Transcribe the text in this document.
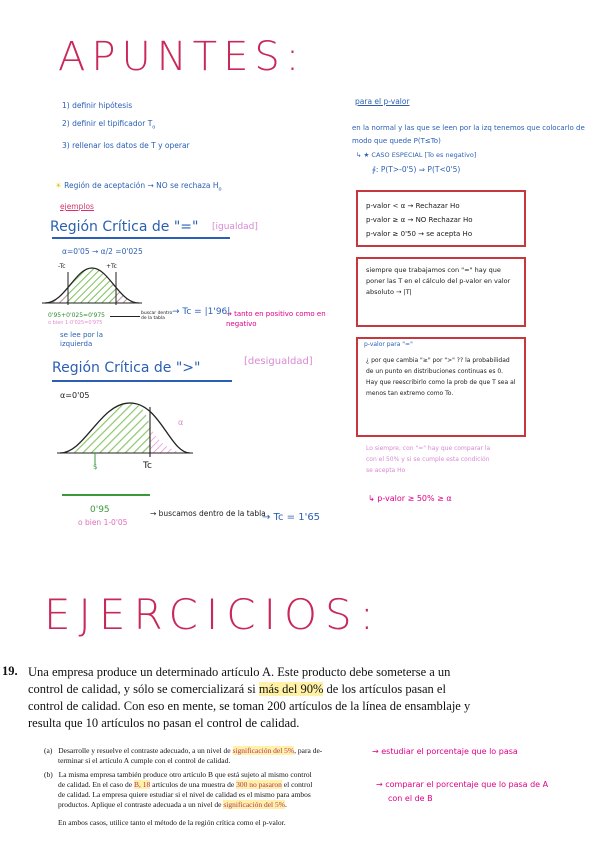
APUNTES:
1) definir hipótesis
2) definir el tipificador $T_o$
3) rellenar los datos de T y operar
☀ Región de aceptación → NO se rechaza $H_o$
ejemplos
Región Crítica de "=" [igualdad]
α=0'05 → α/2 =0'025
-Tc	+Tc
0'95+0'025=0'975
o bien 1-0'025=0'975
buscar dentro de la tabla
→ Tc = |1'96|
→ tanto en positivo como en negativo
se lee por la izquierda
Región Crítica de ">"	[desigualdad]
α=0'05
$	Tc
α
0'95
o bien 1-0'05
→ buscamos dentro de la tabla
→ Tc = 1'65
para el p-valor
en la normal y las que se leen por la izq tenemos que colocarlo de modo que quede P(T≤To)
↳ ★ CASO ESPECIAL [To es negativo]
∮: P(T>-0'5) ⇒ P(T<0'5)
p-valor < α → Rechazar Ho
p-valor ≥ α → NO Rechazar Ho
p-valor ≥ 0'50 → se acepta Ho
siempre que trabajamos con "=" hay que poner las T en el cálculo del p-valor en valor absoluto → |T|
p-valor para "="
¿ por que cambia "≥" por ">" ?? la probabilidad de un punto en distribuciones continuas es 0. Hay que reescribirlo como la prob de que T sea al menos tan extremo como To.
Lo siempre, con "=" hay que comparar la con el 50% y si se cumple esta condición se acepta Ho
↳ p-valor ≥ 50% ≥ α
EJERCICIOS:
19. Una empresa produce un determinado artículo A. Este producto debe someterse a un
control de calidad, y sólo se comercializará si más del 90% de los artículos pasan el
control de calidad. Con eso en mente, se toman 200 artículos de la línea de ensamblaje y
resulta que 10 artículos no pasan el control de calidad.
(a) Desarrolle y resuelve el contraste adecuado, a un nivel de significación del 5%, para de-
terminar si el artículo A cumple con el control de calidad.
(b) La misma empresa también produce otro artículo B que está sujeto al mismo control
de calidad. En el caso de B, 18 artículos de una muestra de 300 no pasaron el control
de calidad. La empresa quiere estudiar si el nivel de calidad es el mismo para ambos
productos. Aplique el contraste adecuada a un nivel de significación del 5%.
En ambos casos, utilice tanto el método de la región crítica como el p-valor.
→ estudiar el porcentaje que lo pasa
→ comparar el porcentaje que lo pasa de A
con el de B
